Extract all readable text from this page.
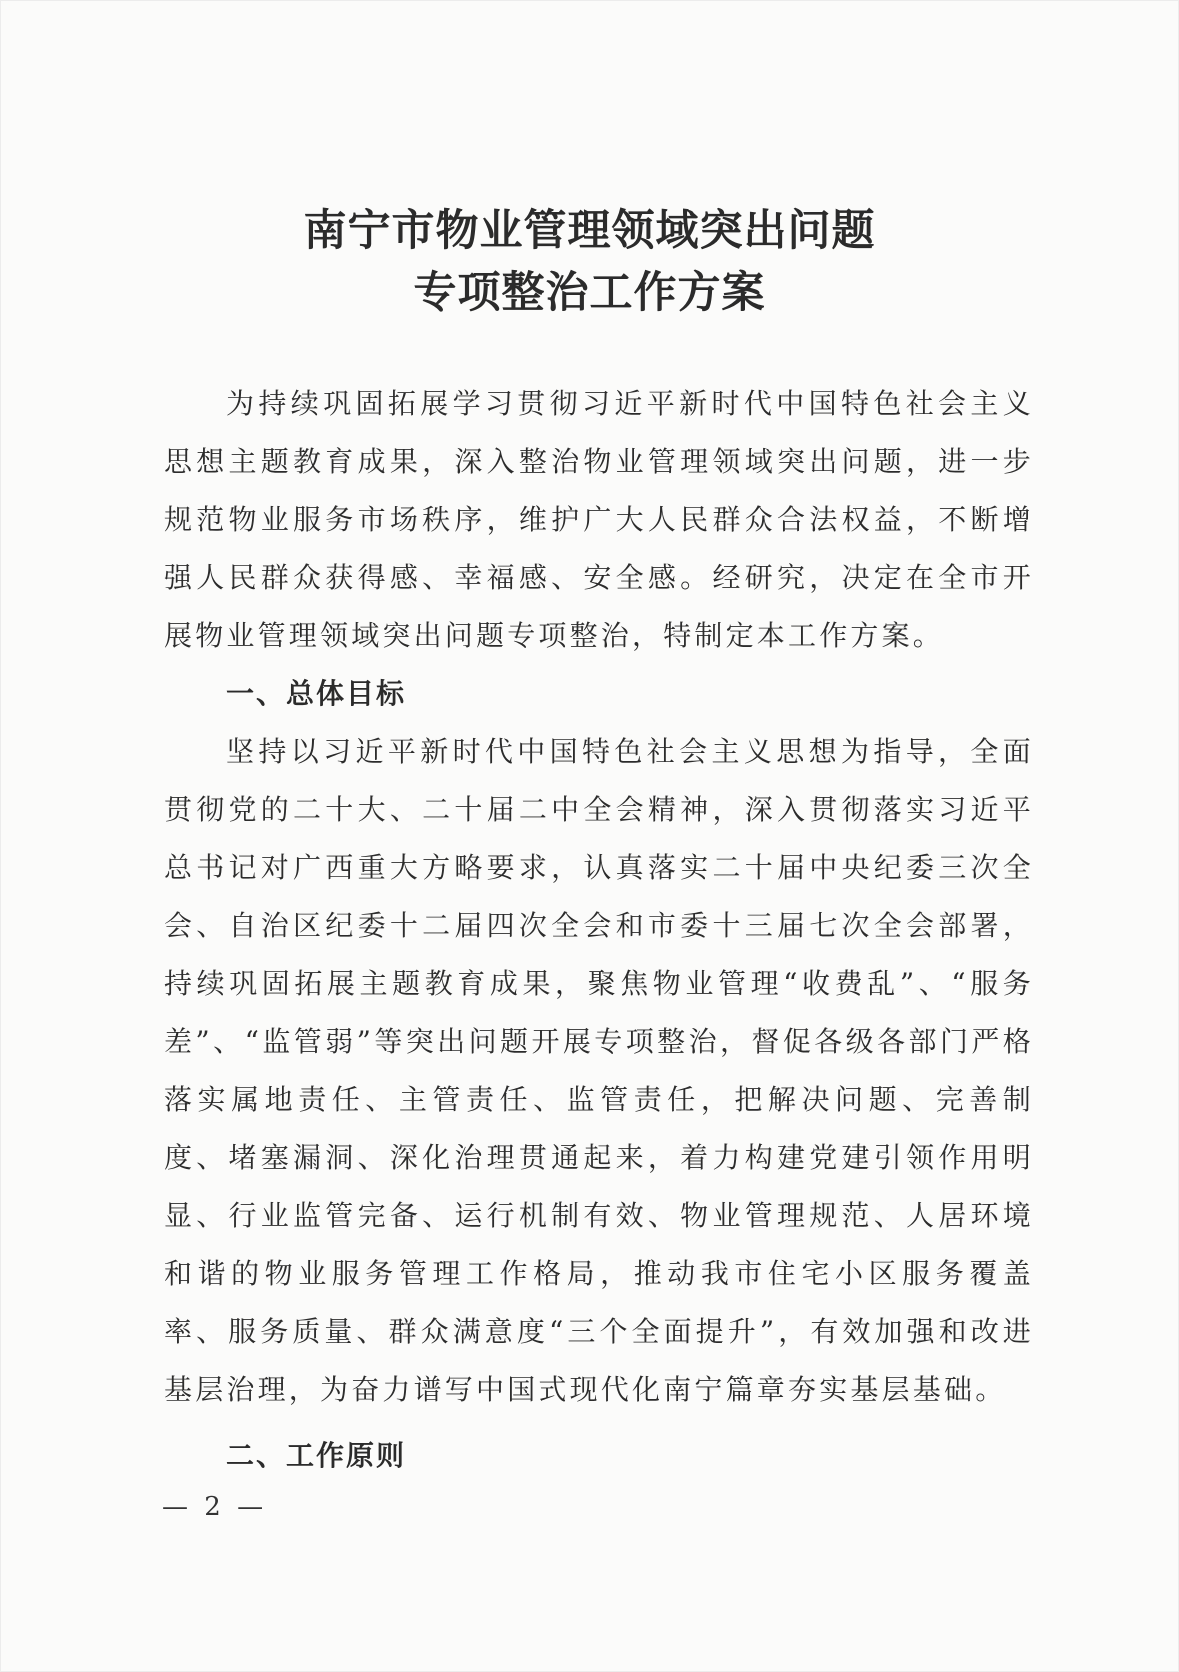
南宁市物业管理领域突出问题
专项整治工作方案

为持续巩固拓展学习贯彻习近平新时代中国特色社会主义思想主题教育成果，深入整治物业管理领域突出问题，进一步规范物业服务市场秩序，维护广大人民群众合法权益，不断增强人民群众获得感、幸福感、安全感。经研究，决定在全市开展物业管理领域突出问题专项整治，特制定本工作方案。

一、总体目标

坚持以习近平新时代中国特色社会主义思想为指导，全面贯彻党的二十大、二十届二中全会精神，深入贯彻落实习近平总书记对广西重大方略要求，认真落实二十届中央纪委三次全会、自治区纪委十二届四次全会和市委十三届七次全会部署，持续巩固拓展主题教育成果，聚焦物业管理“收费乱”、“服务差”、“监管弱”等突出问题开展专项整治，督促各级各部门严格落实属地责任、主管责任、监管责任，把解决问题、完善制度、堵塞漏洞、深化治理贯通起来，着力构建党建引领作用明显、行业监管完备、运行机制有效、物业管理规范、人居环境和谐的物业服务管理工作格局，推动我市住宅小区服务覆盖率、服务质量、群众满意度“三个全面提升”，有效加强和改进基层治理，为奋力谱写中国式现代化南宁篇章夯实基层基础。

二、工作原则

— 2 —
